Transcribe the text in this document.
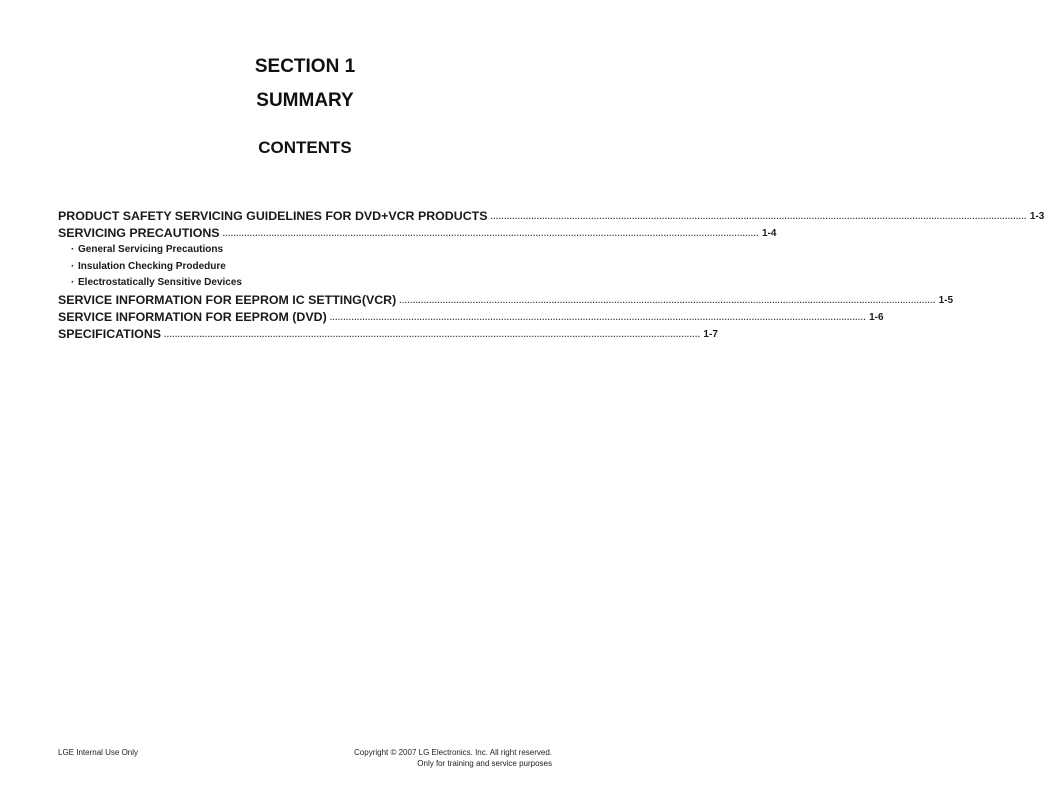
SECTION 1
SUMMARY
CONTENTS
PRODUCT SAFETY SERVICING GUIDELINES FOR DVD+VCR PRODUCTS ..................................................................................................................................................................................................... 1-3
SERVICING PRECAUTIONS ..................................................................................................................................................................................................... 1-4
· General Servicing Precautions
· Insulation Checking Prodedure
· Electrostatically Sensitive Devices
SERVICE INFORMATION FOR EEPROM IC SETTING(VCR) ..................................................................................................................................................................................................... 1-5
SERVICE INFORMATION FOR EEPROM (DVD) ..................................................................................................................................................................................................... 1-6
SPECIFICATIONS ..................................................................................................................................................................................................... 1-7
LGE Internal Use Only	Copyright © 2007 LG Electronics. Inc. All right reserved.
Only for training and service purposes
